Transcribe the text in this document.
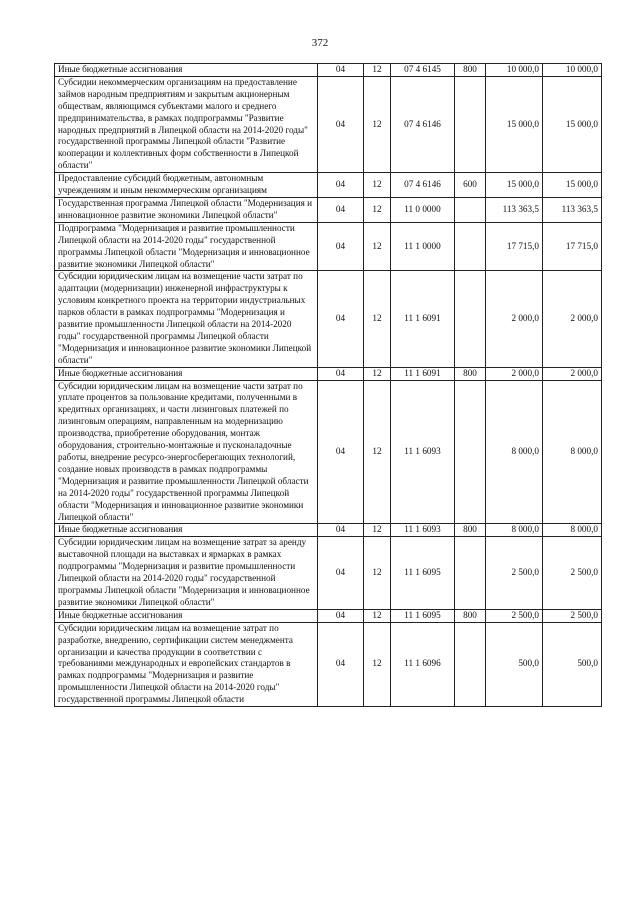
372
Иные бюджетные ассигнования	04	12	07 4 6145	800	10 000,0	10 000,0
Субсидии некоммерческим организациям на предоставление займов народным предприятиям и закрытым акционерным обществам, являющимся субъектами малого и среднего предпринимательства, в рамках подпрограммы "Развитие народных предприятий в Липецкой области на 2014-2020 годы" государственной программы Липецкой области "Развитие кооперации и коллективных форм собственности в Липецкой области"	04	12	07 4 6146		15 000,0	15 000,0
Предоставление субсидий бюджетным, автономным учреждениям и иным некоммерческим организациям	04	12	07 4 6146	600	15 000,0	15 000,0
Государственная программа Липецкой области "Модернизация и инновационное развитие экономики Липецкой области"	04	12	11 0 0000		113 363,5	113 363,5
Подпрограмма "Модернизация и развитие промышленности Липецкой области на 2014-2020 годы" государственной программы Липецкой области "Модернизация и инновационное развитие экономики Липецкой области"	04	12	11 1 0000		17 715,0	17 715,0
Субсидии юридическим лицам на возмещение части затрат по адаптации (модернизации) инженерной инфраструктуры к условиям конкретного проекта на территории индустриальных парков области в рамках подпрограммы "Модернизация и развитие промышленности Липецкой области на 2014-2020 годы" государственной программы Липецкой области "Модернизация и инновационное развитие экономики Липецкой области"	04	12	11 1 6091		2 000,0	2 000,0
Иные бюджетные ассигнования	04	12	11 1 6091	800	2 000,0	2 000,0
Субсидии юридическим лицам на возмещение части затрат по уплате процентов за пользование кредитами, полученными в кредитных организациях, и части лизинговых платежей по лизинговым операциям, направленным на модернизацию производства, приобретение оборудования, монтаж оборудования, строительно-монтажные и пусконаладочные работы, внедрение ресурсо-энергосберегающих технологий, создание новых производств в рамках подпрограммы "Модернизация и развитие промышленности Липецкой области на 2014-2020 годы" государственной программы Липецкой области "Модернизация и инновационное развитие экономики Липецкой области"	04	12	11 1 6093		8 000,0	8 000,0
Иные бюджетные ассигнования	04	12	11 1 6093	800	8 000,0	8 000,0
Субсидии юридическим лицам на возмещение затрат за аренду выставочной площади на выставках и ярмарках в рамках подпрограммы "Модернизация и развитие промышленности Липецкой области на 2014-2020 годы" государственной программы Липецкой области "Модернизация и инновационное развитие экономики Липецкой области"	04	12	11 1 6095		2 500,0	2 500,0
Иные бюджетные ассигнования	04	12	11 1 6095	800	2 500,0	2 500,0
Субсидии юридическим лицам на возмещение затрат по разработке, внедрению, сертификации систем менеджмента организации и качества продукции в соответствии с требованиями международных и европейских стандартов в рамках подпрограммы "Модернизация и развитие промышленности Липецкой области на 2014-2020 годы" государственной программы Липецкой области	04	12	11 1 6096		500,0	500,0
